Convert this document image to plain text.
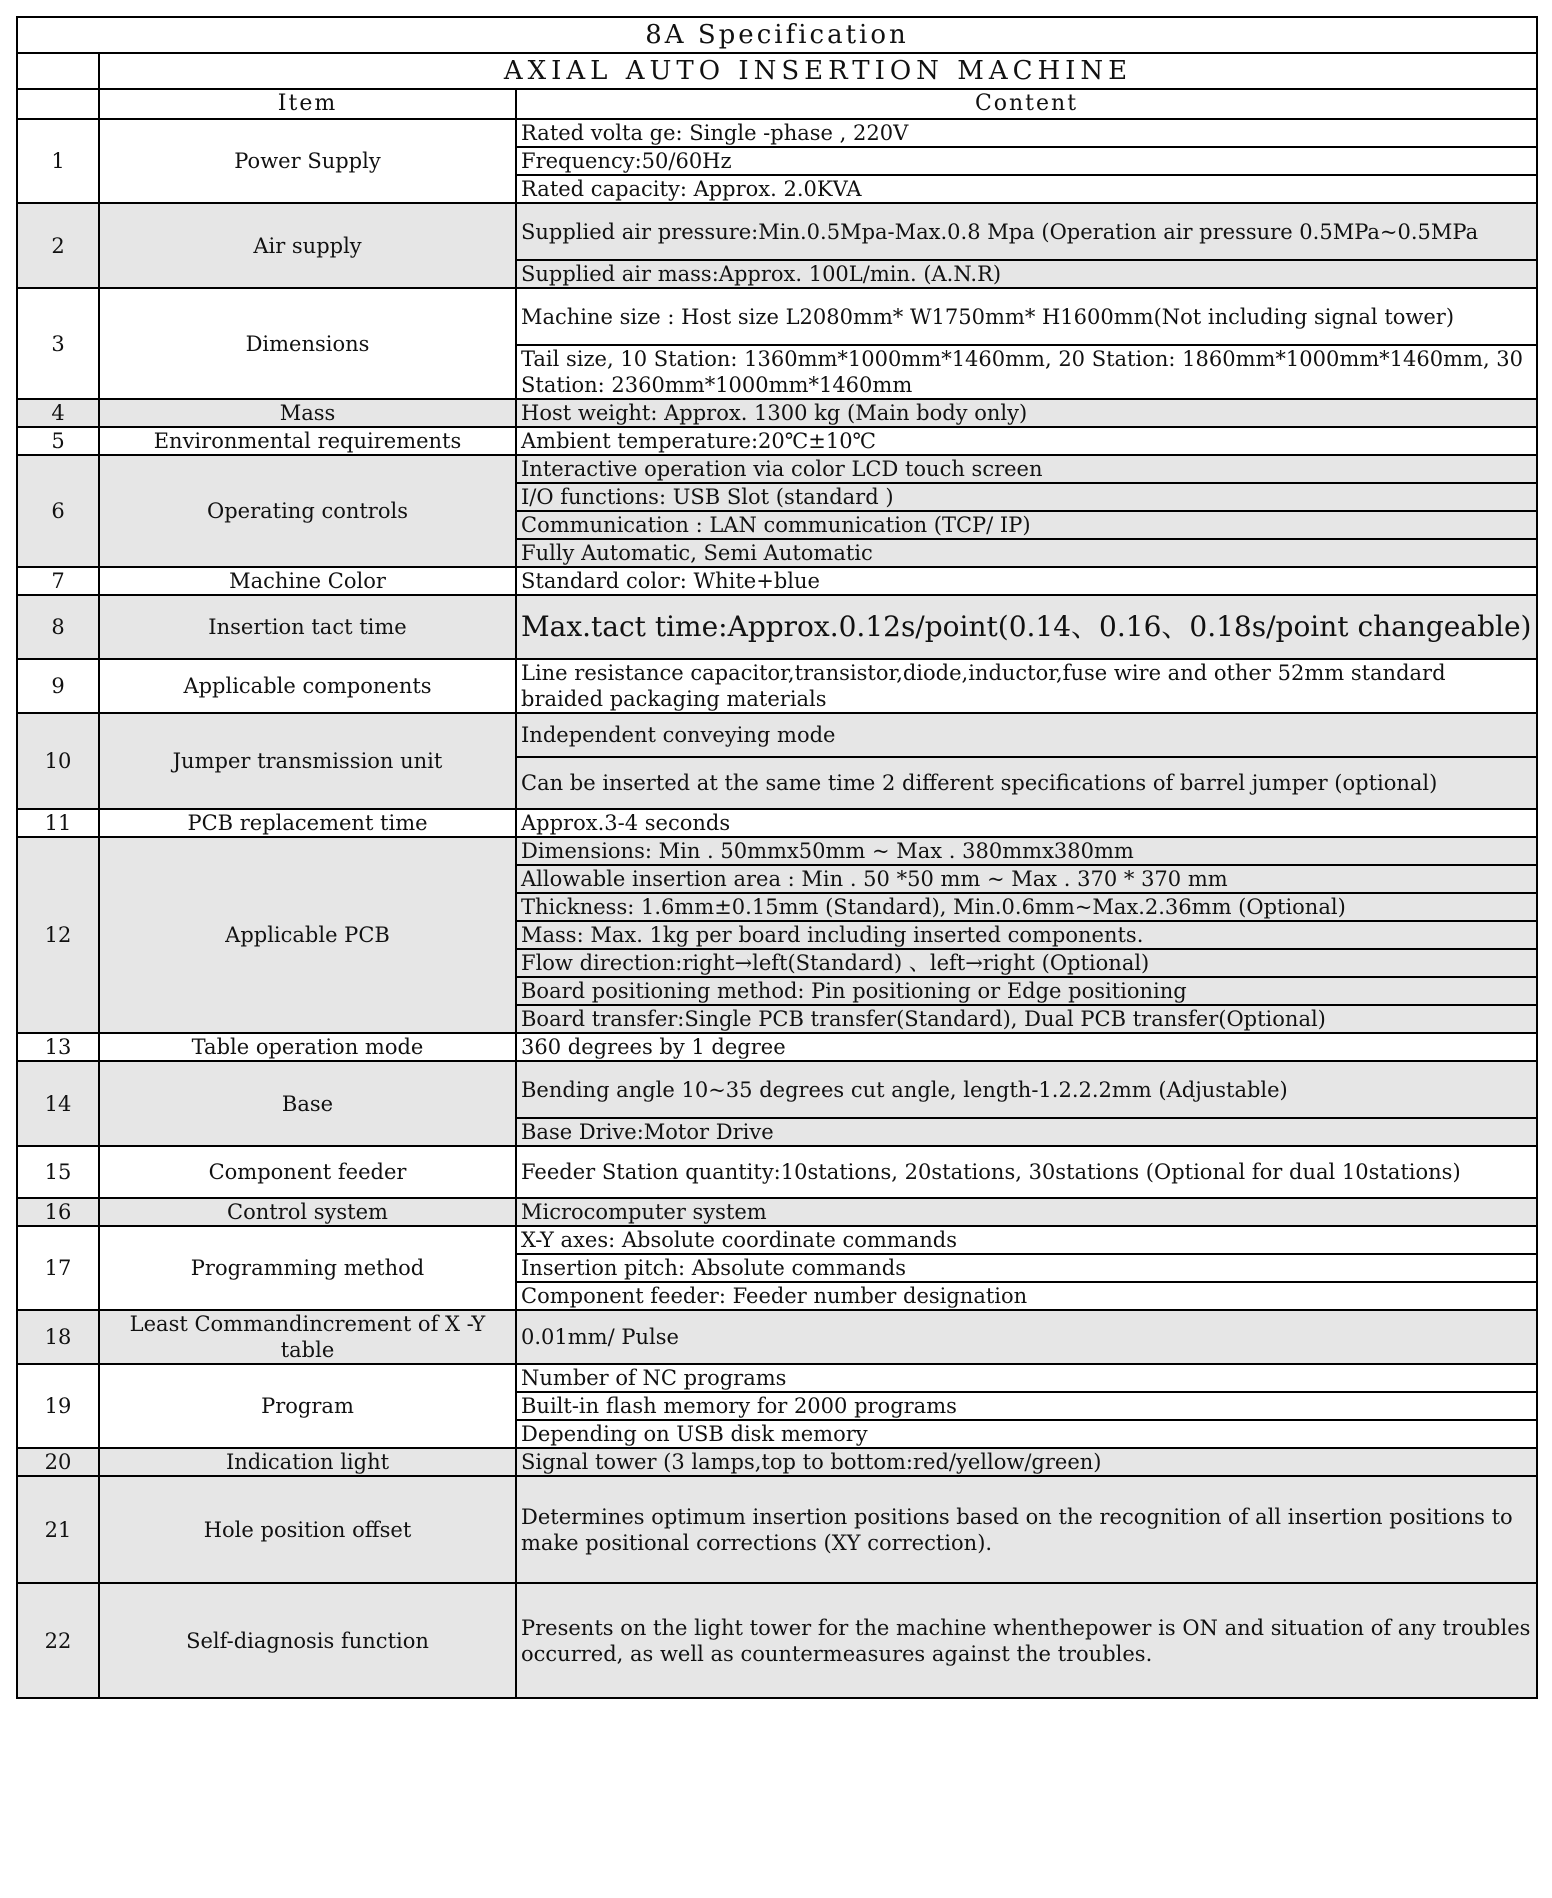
8A Specification		
	AXIAL AUTO INSERTION MACHINE	
	Item	Content
1	Power Supply	Rated volta ge: Single -phase , 220V
		Frequency:50/60Hz
		Rated capacity: Approx. 2.0KVA
2	Air supply	Supplied air pressure:Min.0.5Mpa-Max.0.8 Mpa (Operation air pressure 0.5MPa~0.5MPa
		Supplied air mass:Approx. 100L/min. (A.N.R)
3	Dimensions	Machine size : Host size L2080mm* W1750mm* H1600mm(Not including signal tower)
		Tail size, 10 Station: 1360mm*1000mm*1460mm, 20 Station: 1860mm*1000mm*1460mm, 30 Station: 2360mm*1000mm*1460mm
4	Mass	Host weight: Approx. 1300 kg (Main body only)
5	Environmental requirements	Ambient temperature:20℃±10℃
6	Operating controls	Interactive operation via color LCD touch screen
		I/O functions: USB Slot (standard )
		Communication : LAN communication (TCP/ IP)
		Fully Automatic, Semi Automatic
7	Machine Color	Standard color: White+blue
8	Insertion tact time	Max.tact time:Approx.0.12s/point(0.14、0.16、0.18s/point changeable)
9	Applicable components	Line resistance capacitor,transistor,diode,inductor,fuse wire and other 52mm standard braided packaging materials
10	Jumper transmission unit	Independent conveying mode
		Can be inserted at the same time 2 different specifications of barrel jumper (optional)
11	PCB replacement time	Approx.3-4 seconds
12	Applicable PCB	Dimensions: Min . 50mmx50mm ~ Max . 380mmx380mm
		Allowable insertion area : Min . 50 *50 mm ~ Max . 370 * 370 mm
		Thickness: 1.6mm±0.15mm (Standard), Min.0.6mm~Max.2.36mm (Optional)
		Mass: Max. 1kg per board including inserted components.
		Flow direction:right→left(Standard) 、left→right (Optional)
		Board positioning method: Pin positioning or Edge positioning
		Board transfer:Single PCB transfer(Standard), Dual PCB transfer(Optional)
13	Table operation mode	360 degrees by 1 degree
14	Base	Bending angle 10~35 degrees cut angle, length-1.2.2.2mm (Adjustable)
		Base Drive:Motor Drive
15	Component feeder	Feeder Station quantity:10stations, 20stations, 30stations (Optional for dual 10stations)
16	Control system	Microcomputer system
17	Programming method	X-Y axes: Absolute coordinate commands
		Insertion pitch: Absolute commands
		Component feeder: Feeder number designation
18	Least Commandincrement of X -Y table	0.01mm/ Pulse
19	Program	Number of NC programs
		Built-in flash memory for 2000 programs
		Depending on USB disk memory
20	Indication light	Signal tower (3 lamps,top to bottom:red/yellow/green)
21	Hole position offset	Determines optimum insertion positions based on the recognition of all insertion positions to make positional corrections (XY correction).
22	Self-diagnosis function	Presents on the light tower for the machine whenthepower is ON and situation of any troubles occurred, as well as countermeasures against the troubles.
